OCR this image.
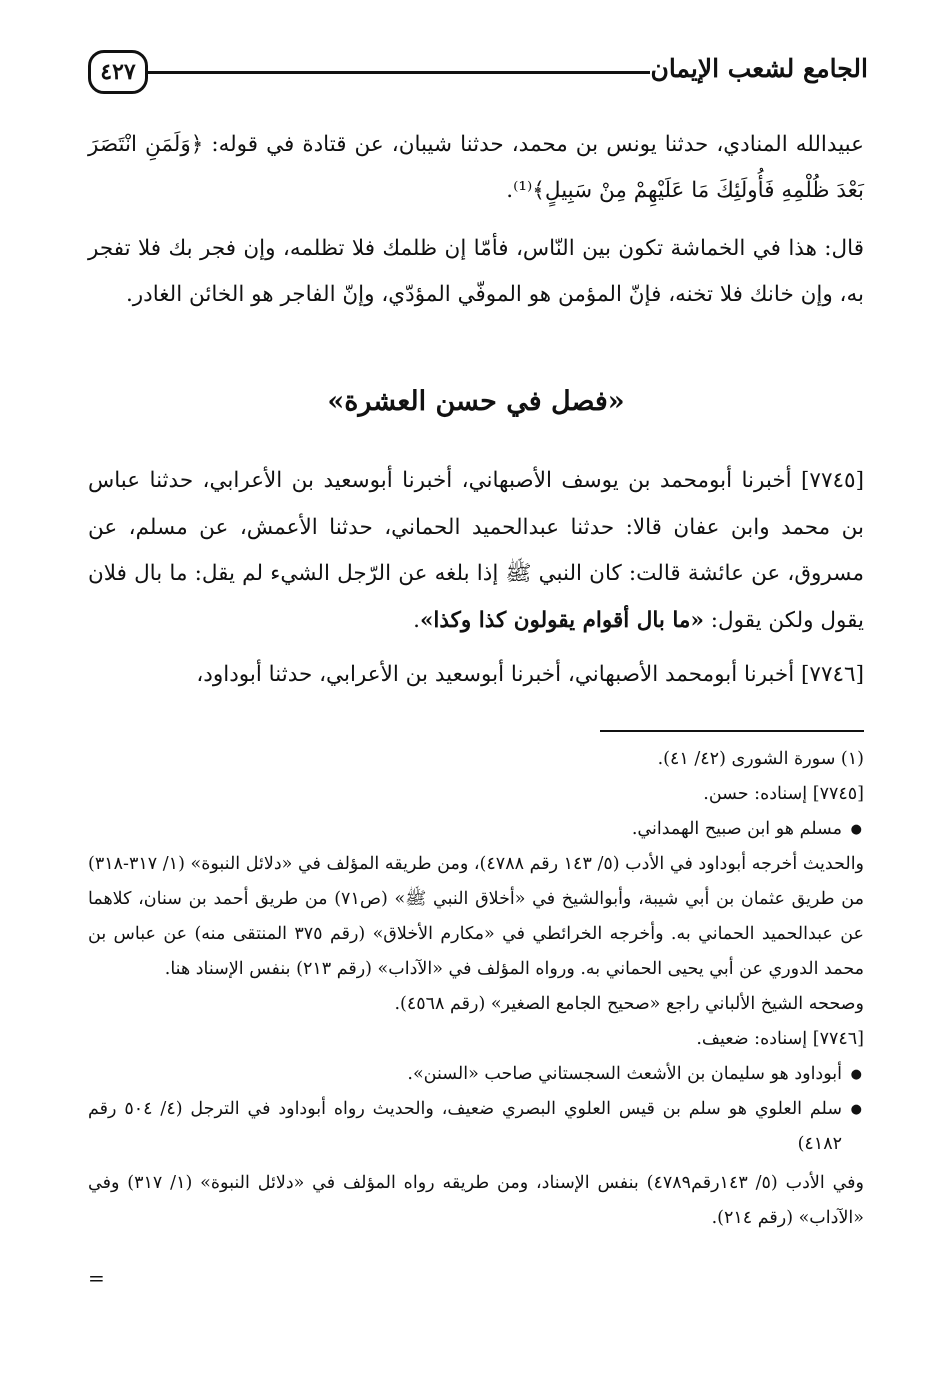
٤٢٧	الجامع لشعب الإيمان

عبيدالله المنادي، حدثنا يونس بن محمد، حدثنا شيبان، عن قتادة في قوله: ﴿وَلَمَنِ انْتَصَرَ بَعْدَ ظُلْمِهِ فَأُولَئِكَ مَا عَلَيْهِمْ مِنْ سَبِيلٍ﴾⁽¹⁾.

قال: هذا في الخماشة تكون بين النّاس، فأمّا إن ظلمك فلا تظلمه، وإن فجر بك فلا تفجر به، وإن خانك فلا تخنه، فإنّ المؤمن هو الموفّي المؤدّي، وإنّ الفاجر هو الخائن الغادر.

«فصل في حسن العشرة»

[٧٧٤٥] أخبرنا أبومحمد بن يوسف الأصبهاني، أخبرنا أبوسعيد بن الأعرابي، حدثنا عباس بن محمد وابن عفان قالا: حدثنا عبدالحميد الحماني، حدثنا الأعمش، عن مسلم، عن مسروق، عن عائشة قالت: كان النبي ﷺ إذا بلغه عن الرّجل الشيء لم يقل: ما بال فلان يقول ولكن يقول: «ما بال أقوام يقولون كذا وكذا».

[٧٧٤٦] أخبرنا أبومحمد الأصبهاني، أخبرنا أبوسعيد بن الأعرابي، حدثنا أبوداود،

(١) سورة الشورى (٤٢/ ٤١).

[٧٧٤٥] إسناده: حسن.

● مسلم هو ابن صبيح الهمداني.

والحديث أخرجه أبوداود في الأدب (٥/ ١٤٣ رقم ٤٧٨٨)، ومن طريقه المؤلف في «دلائل النبوة» (١/ ٣١٧-٣١٨) من طريق عثمان بن أبي شيبة، وأبوالشيخ في «أخلاق النبي ﷺ» (ص٧١) من طريق أحمد بن سنان، كلاهما عن عبدالحميد الحماني به. وأخرجه الخرائطي في «مكارم الأخلاق» (رقم ٣٧٥ المنتقى منه) عن عباس بن محمد الدوري عن أبي يحيى الحماني به. ورواه المؤلف في «الآداب» (رقم ٢١٣) بنفس الإسناد هنا.

وصححه الشيخ الألباني راجع «صحيح الجامع الصغير» (رقم ٤٥٦٨).

[٧٧٤٦] إسناده: ضعيف.

● أبوداود هو سليمان بن الأشعث السجستاني صاحب «السنن».

● سلم العلوي هو سلم بن قيس العلوي البصري ضعيف، والحديث رواه أبوداود في الترجل (٤/ ٥٠٤ رقم ٤١٨٢)

وفي الأدب (٥/ ١٤٣رقم٤٧٨٩) بنفس الإسناد، ومن طريقه رواه المؤلف في «دلائل النبوة» (١/ ٣١٧) وفي «الآداب» (رقم ٢١٤).

=
